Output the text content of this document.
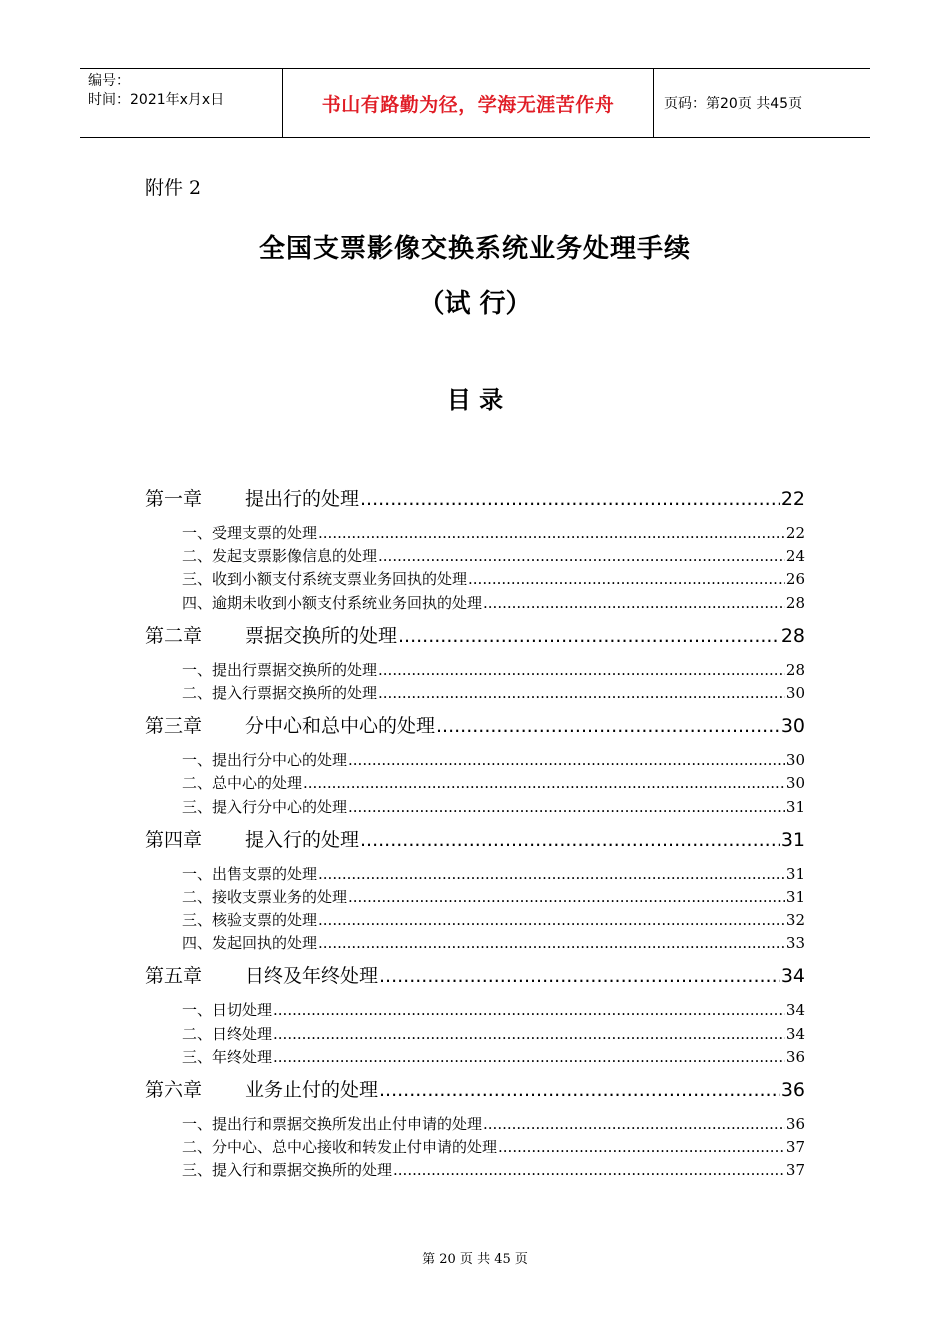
编号：
时间：2021年x月x日	书山有路勤为径，学海无涯苦作舟	页码：第20页 共45页
附件 2
全国支票影像交换系统业务处理手续
（试 行）
目 录
第一章	提出行的处理 .....	22
一、受理支票的处理 .....	22
二、发起支票影像信息的处理 .....	24
三、收到小额支付系统支票业务回执的处理 .....	26
四、逾期未收到小额支付系统业务回执的处理 .....	28
第二章	票据交换所的处理 .....	28
一、提出行票据交换所的处理 .....	28
二、提入行票据交换所的处理 .....	30
第三章	分中心和总中心的处理 .....	30
一、提出行分中心的处理 .....	30
二、总中心的处理 .....	30
三、提入行分中心的处理 .....	31
第四章	提入行的处理 .....	31
一、出售支票的处理 .....	31
二、接收支票业务的处理 .....	31
三、核验支票的处理 .....	32
四、发起回执的处理 .....	33
第五章	日终及年终处理 .....	34
一、日切处理 .....	34
二、日终处理 .....	34
三、年终处理 .....	36
第六章	业务止付的处理 .....	36
一、提出行和票据交换所发出止付申请的处理 .....	36
二、分中心、总中心接收和转发止付申请的处理 .....	37
三、提入行和票据交换所的处理 .....	37
第 20 页 共 45 页
